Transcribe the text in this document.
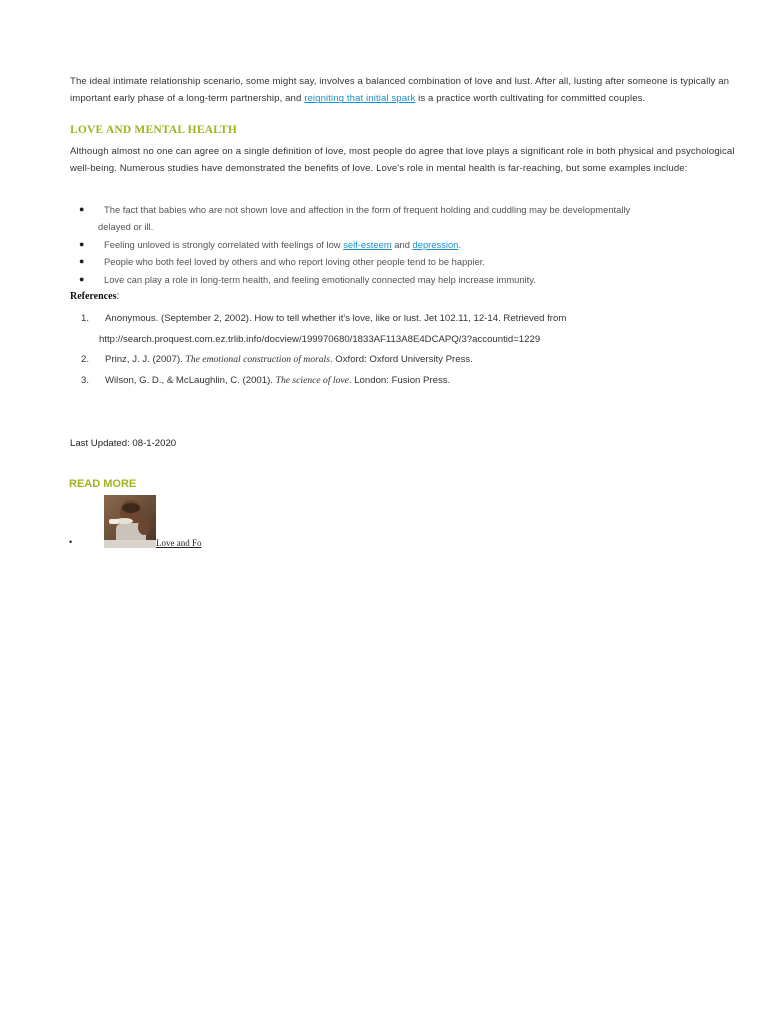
The ideal intimate relationship scenario, some might say, involves a balanced combination of love and lust. After all, lusting after someone is typically an important early phase of a long-term partnership, and reigniting that initial spark is a practice worth cultivating for committed couples.

LOVE AND MENTAL HEALTH

Although almost no one can agree on a single definition of love, most people do agree that love plays a significant role in both physical and psychological well-being. Numerous studies have demonstrated the benefits of love. Love's role in mental health is far-reaching, but some examples include:

● The fact that babies who are not shown love and affection in the form of frequent holding and cuddling may be developmentally
delayed or ill.
● Feeling unloved is strongly correlated with feelings of low self-esteem and depression.
● People who both feel loved by others and who report loving other people tend to be happier.
● Love can play a role in long-term health, and feeling emotionally connected may help increase immunity.

References:

1. Anonymous. (September 2, 2002). How to tell whether it's love, like or lust. Jet 102.11, 12-14. Retrieved from
http://search.proquest.com.ez.trlib.info/docview/199970680/1833AF113A8E4DCAPQ/3?accountid=1229
2. Prinz, J. J. (2007). The emotional construction of morals. Oxford: Oxford University Press.
3. Wilson, G. D., & McLaughlin, C. (2001). The science of love. London: Fusion Press.

Last Updated: 08-1-2020

READ MORE

•	Love and Fo
